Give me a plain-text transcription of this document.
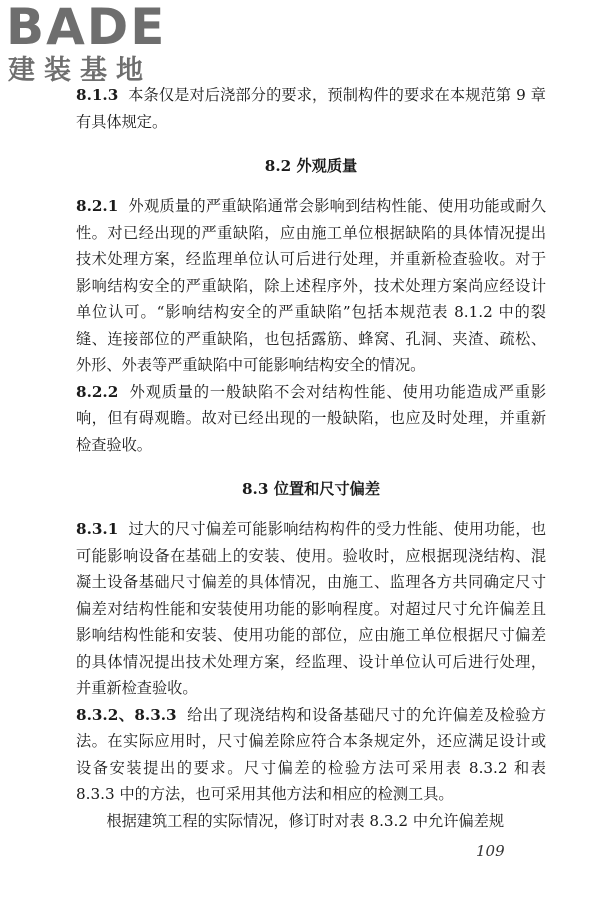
BADE
建装基地

8.1.3 本条仅是对后浇部分的要求，预制构件的要求在本规范第 9 章有具体规定。

8.2 外观质量

8.2.1 外观质量的严重缺陷通常会影响到结构性能、使用功能或耐久性。对已经出现的严重缺陷，应由施工单位根据缺陷的具体情况提出技术处理方案，经监理单位认可后进行处理，并重新检查验收。对于影响结构安全的严重缺陷，除上述程序外，技术处理方案尚应经设计单位认可。“影响结构安全的严重缺陷”包括本规范表 8.1.2 中的裂缝、连接部位的严重缺陷，也包括露筋、蜂窝、孔洞、夹渣、疏松、外形、外表等严重缺陷中可能影响结构安全的情况。

8.2.2 外观质量的一般缺陷不会对结构性能、使用功能造成严重影响，但有碍观瞻。故对已经出现的一般缺陷，也应及时处理，并重新检查验收。

8.3 位置和尺寸偏差

8.3.1 过大的尺寸偏差可能影响结构构件的受力性能、使用功能，也可能影响设备在基础上的安装、使用。验收时，应根据现浇结构、混凝土设备基础尺寸偏差的具体情况，由施工、监理各方共同确定尺寸偏差对结构性能和安装使用功能的影响程度。对超过尺寸允许偏差且影响结构性能和安装、使用功能的部位，应由施工单位根据尺寸偏差的具体情况提出技术处理方案，经监理、设计单位认可后进行处理，并重新检查验收。

8.3.2、8.3.3 给出了现浇结构和设备基础尺寸的允许偏差及检验方法。在实际应用时，尺寸偏差除应符合本条规定外，还应满足设计或设备安装提出的要求。尺寸偏差的检验方法可采用表 8.3.2 和表 8.3.3 中的方法，也可采用其他方法和相应的检测工具。

根据建筑工程的实际情况，修订时对表 8.3.2 中允许偏差规

109
